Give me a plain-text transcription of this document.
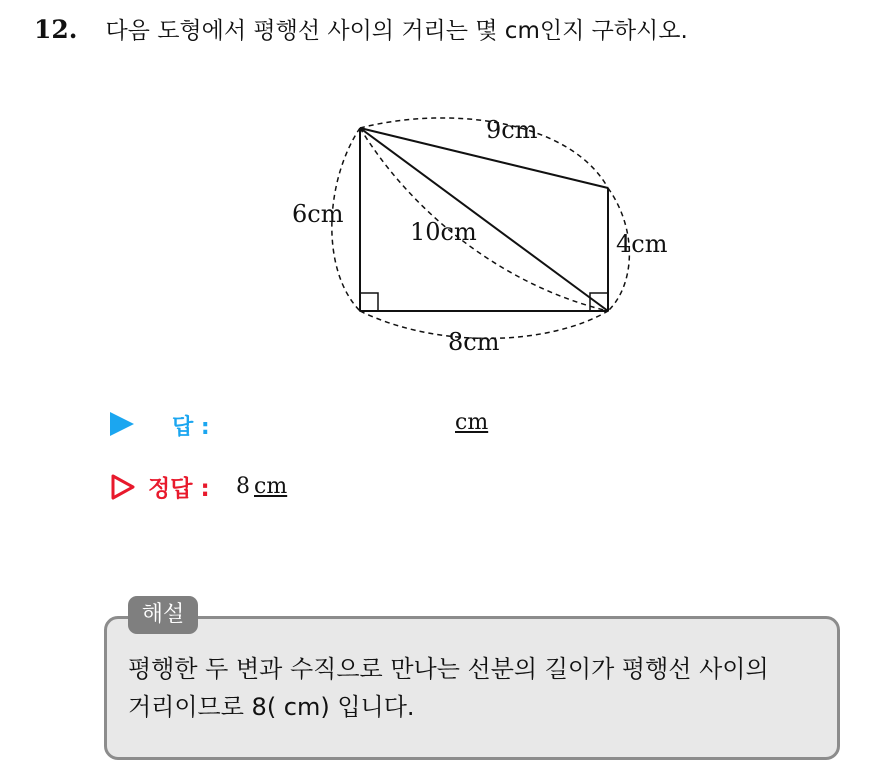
12. 다음 도형에서 평행선 사이의 거리는 몇 cm인지 구하시오.
9cm
6cm
10cm	4cm
8cm
답 :	cm
정답 : 8 cm
해설
평행한 두 변과 수직으로 만나는 선분의 길이가 평행선 사이의
거리이므로 8( cm) 입니다.
